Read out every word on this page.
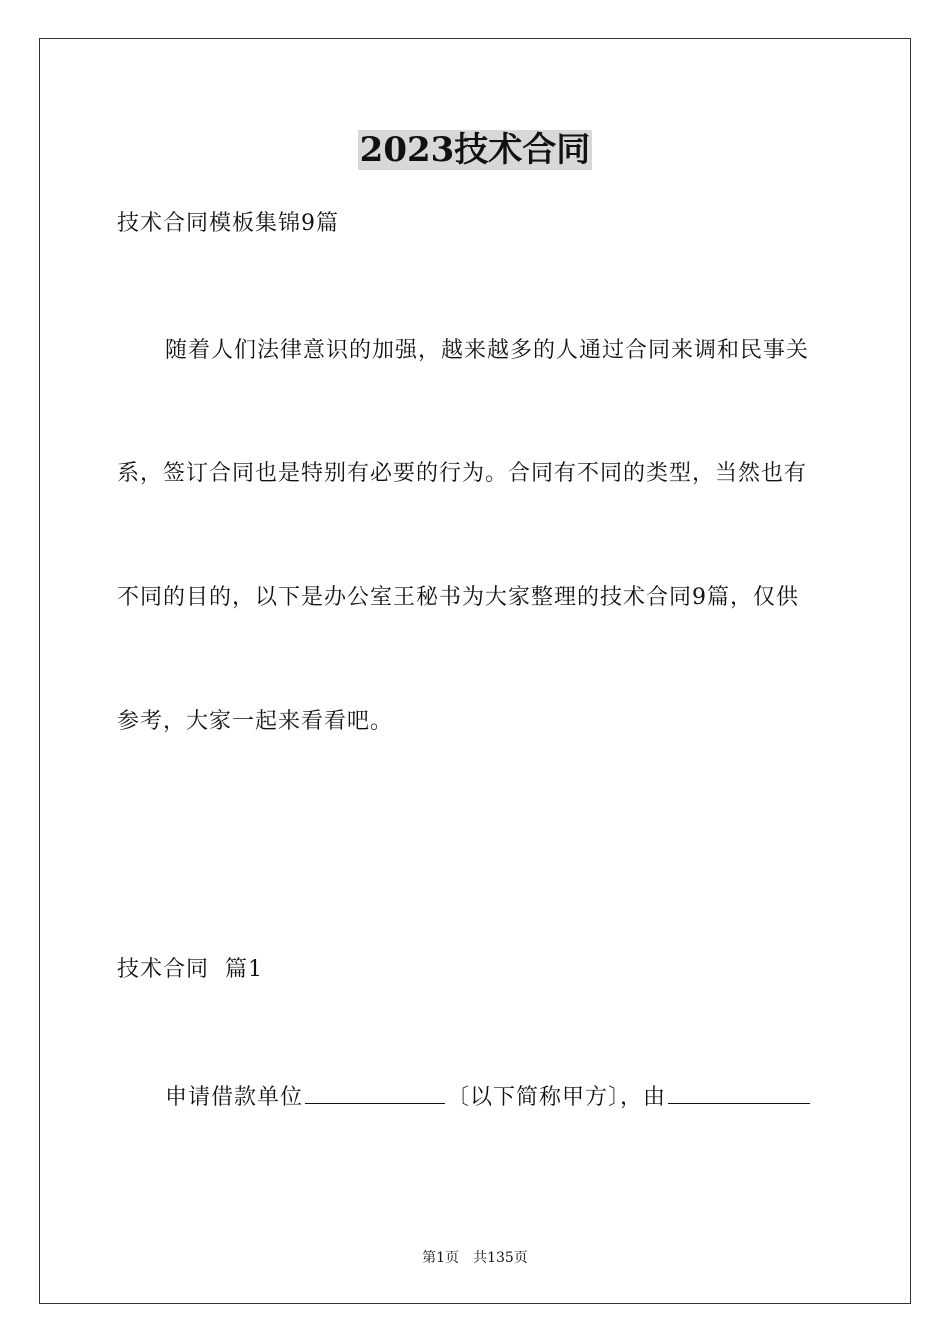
2023技术合同
技术合同模板集锦9篇
随着人们法律意识的加强，越来越多的人通过合同来调和民事关
系，签订合同也是特别有必要的行为。合同有不同的类型，当然也有
不同的目的，以下是办公室王秘书为大家整理的技术合同9篇，仅供
参考，大家一起来看看吧。
技术合同  篇1
申请借款单位	〔以下简称甲方〕，由
第1页 共135页
